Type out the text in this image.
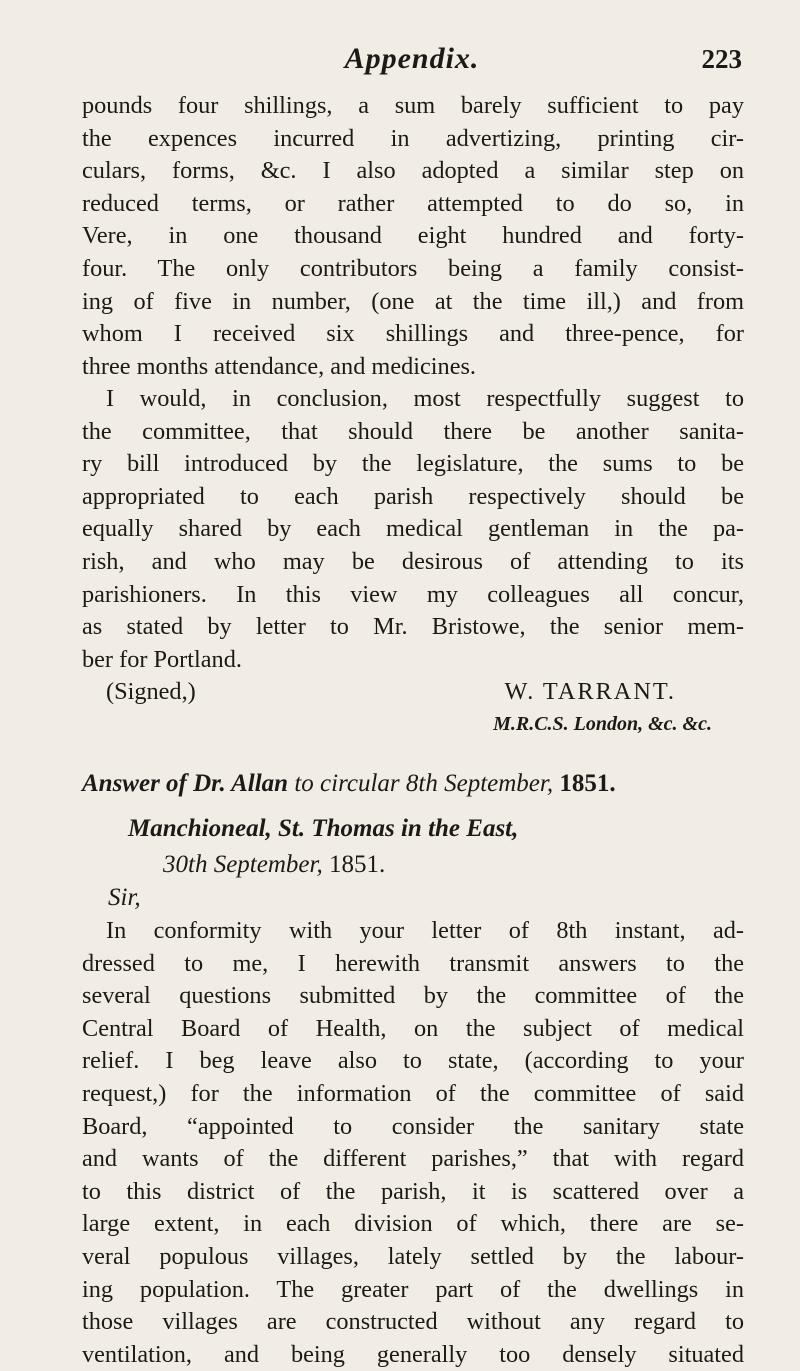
Appendix.	223
pounds four shillings, a sum barely sufficient to pay
the expences incurred in advertizing, printing cir-
culars, forms, &c. I also adopted a similar step on
reduced terms, or rather attempted to do so, in
Vere, in one thousand eight hundred and forty-
four. The only contributors being a family consist-
ing of five in number, (one at the time ill,) and from
whom I received six shillings and three-pence, for
three months attendance, and medicines.
I would, in conclusion, most respectfully suggest to
the committee, that should there be another sanita-
ry bill introduced by the legislature, the sums to be
appropriated to each parish respectively should be
equally shared by each medical gentleman in the pa-
rish, and who may be desirous of attending to its
parishioners. In this view my colleagues all concur,
as stated by letter to Mr. Bristowe, the senior mem-
ber for Portland.
(Signed,)	W. TARRANT.
M.R.C.S. London, &c. &c.
Answer of Dr. Allan to circular 8th September, 1851.
Manchioneal, St. Thomas in the East,
30th September, 1851.
Sir,
In conformity with your letter of 8th instant, ad-
dressed to me, I herewith transmit answers to the
several questions submitted by the committee of the
Central Board of Health, on the subject of medical
relief. I beg leave also to state, (according to your
request,) for the information of the committee of said
Board, “appointed to consider the sanitary state
and wants of the different parishes,” that with regard
to this district of the parish, it is scattered over a
large extent, in each division of which, there are se-
veral populous villages, lately settled by the labour-
ing population. The greater part of the dwellings in
those villages are constructed without any regard to
ventilation, and being generally too densely situated
